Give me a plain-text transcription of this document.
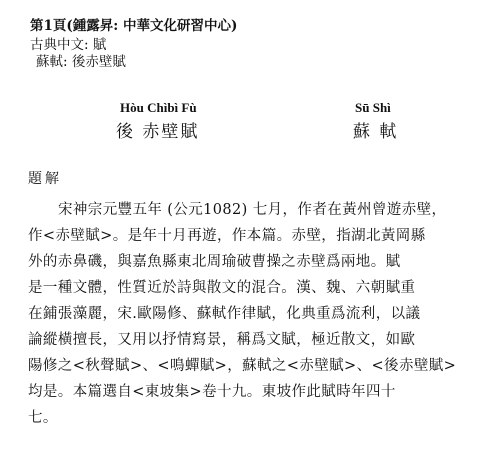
第1頁(鍾露昇: 中華文化研習中心)
古典中文: 賦
蘇軾: 後赤壁賦
Hòu Chìbì Fù
後 赤壁賦
Sū Shì
蘇 軾
題解
宋神宗元豐五年 (公元1082) 七月，作者在黃州曾遊赤壁，
作<赤壁賦>。是年十月再遊，作本篇。赤壁，指湖北黃岡縣
外的赤鼻磯，與嘉魚縣東北周瑜破曹操之赤壁爲兩地。賦
是一種文體，性質近於詩與散文的混合。漢、魏、六朝賦重
在鋪張藻麗，宋.歐陽修、蘇軾作律賦，化典重爲流利，以議
論縱橫擅長，又用以抒情寫景，稱爲文賦，極近散文，如歐
陽修之<秋聲賦>、<鳴蟬賦>，蘇軾之<赤壁賦>、<後赤壁賦>
均是。本篇選自<東坡集>卷十九。東坡作此賦時年四十
七。
